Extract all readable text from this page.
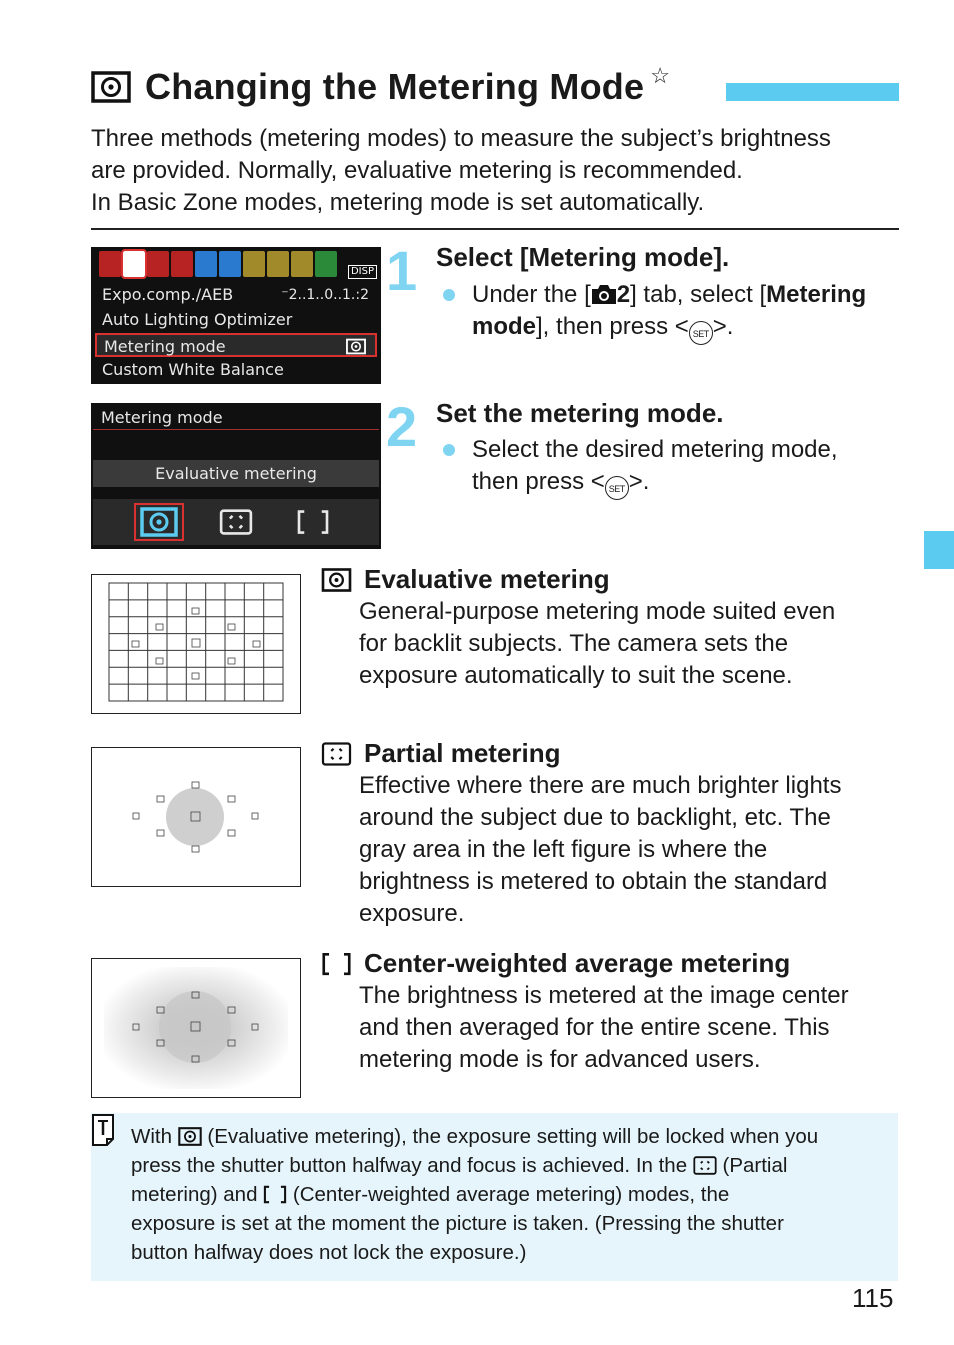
Changing the Metering Mode ☆

Three methods (metering modes) to measure the subject’s brightness

are provided. Normally, evaluative metering is recommended.

In Basic Zone modes, metering mode is set automatically.

DISP
Expo.comp./AEB	⁻2..1..0..1.:2
Auto Lighting Optimizer
Metering mode
Custom White Balance
Metering mode
Evaluative metering
1 Select [Metering mode].
Under the [ 2] tab, select [Metering
mode], then press < SET >.
2 Set the metering mode.
Select the desired metering mode,
then press < SET >.
Evaluative metering
General-purpose metering mode suited even
for backlit subjects. The camera sets the
exposure automatically to suit the scene.
Partial metering
Effective where there are much brighter lights
around the subject due to backlight, etc. The
gray area in the left figure is where the
brightness is metered to obtain the standard
exposure.
Center-weighted average metering
The brightness is metered at the image center
and then averaged for the entire scene. This
metering mode is for advanced users.
With  (Evaluative metering), the exposure setting will be locked when you
press the shutter button halfway and focus is achieved. In the  (Partial
metering) and  (Center-weighted average metering) modes, the
exposure is set at the moment the picture is taken. (Pressing the shutter
button halfway does not lock the exposure.)
115
